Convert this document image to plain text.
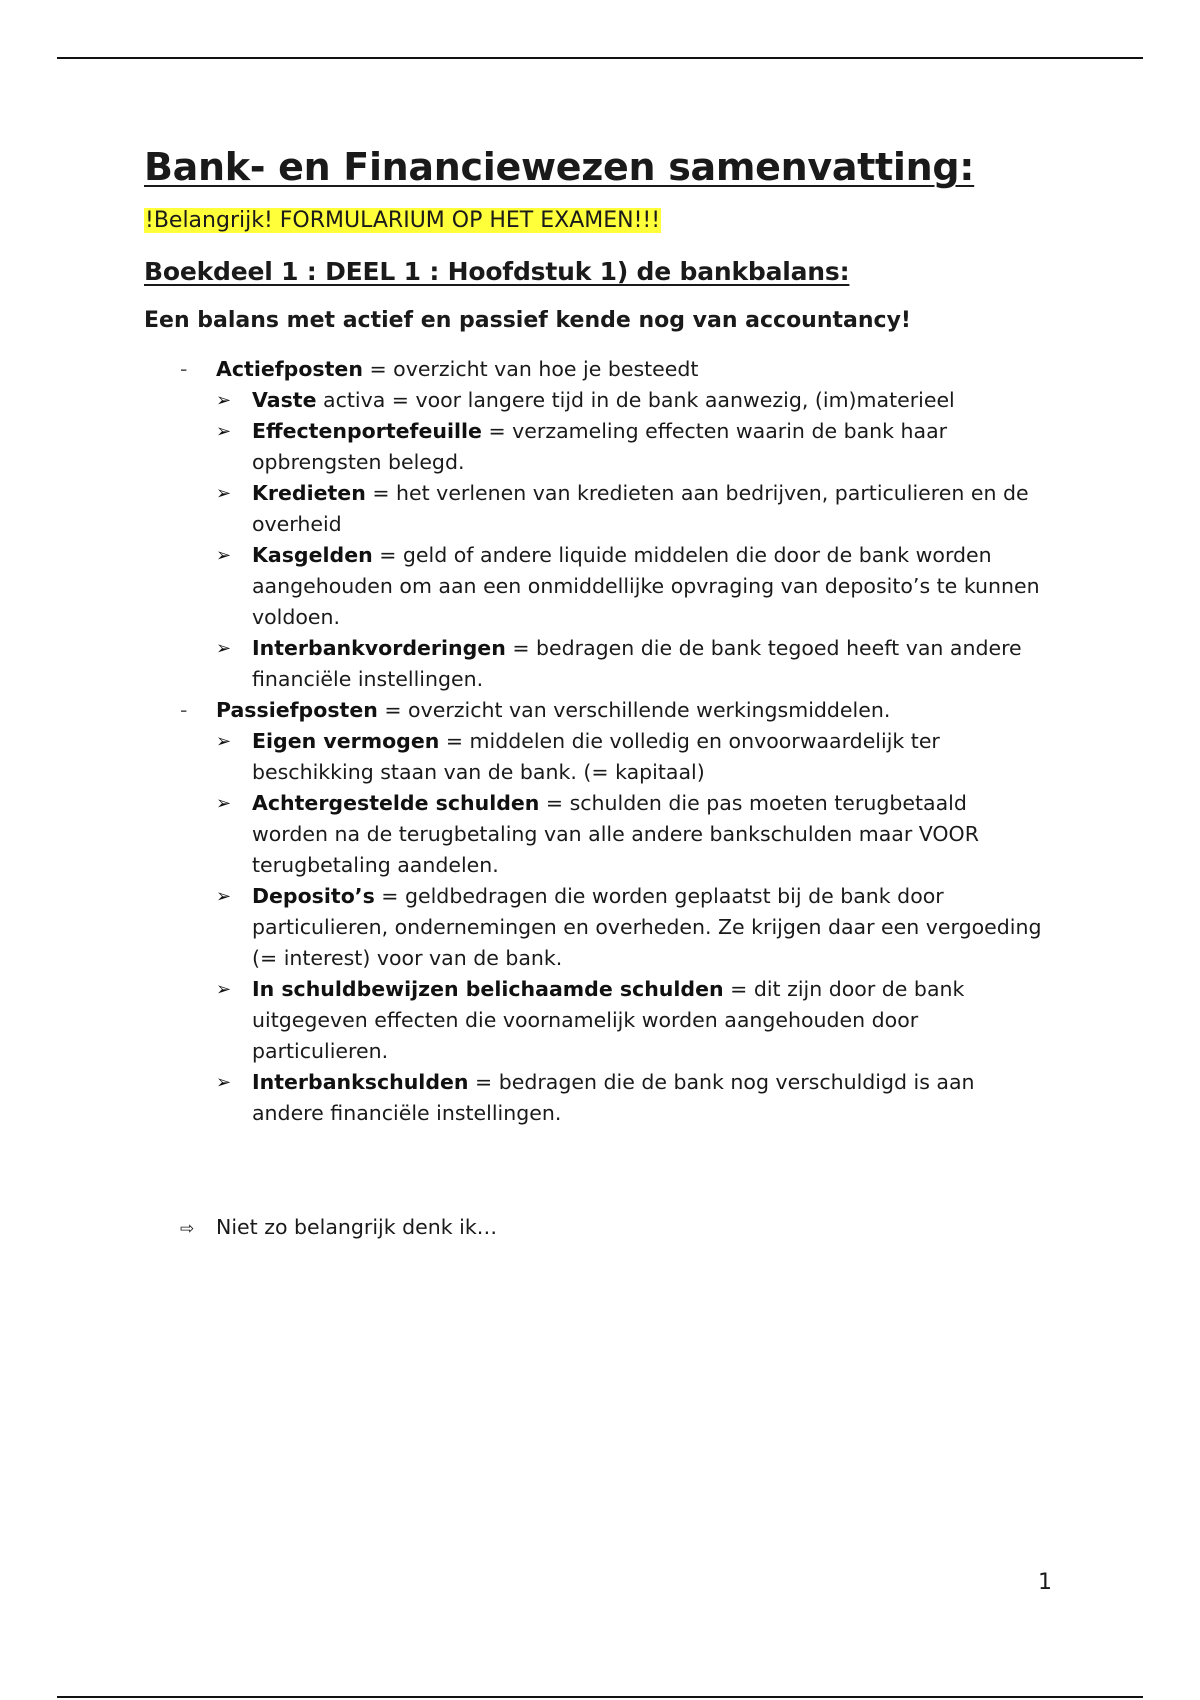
Bank- en Financiewezen samenvatting:
!Belangrijk! FORMULARIUM OP HET EXAMEN!!!
Boekdeel 1 : DEEL 1 : Hoofdstuk 1) de bankbalans:
Een balans met actief en passief kende nog van accountancy!
- Actiefposten = overzicht van hoe je besteedt
➢ Vaste activa = voor langere tijd in de bank aanwezig, (im)materieel
➢ Effectenportefeuille = verzameling effecten waarin de bank haar opbrengsten belegd.
➢ Kredieten = het verlenen van kredieten aan bedrijven, particulieren en de overheid
➢ Kasgelden = geld of andere liquide middelen die door de bank worden aangehouden om aan een onmiddellijke opvraging van deposito’s te kunnen voldoen.
➢ Interbankvorderingen = bedragen die de bank tegoed heeft van andere financiële instellingen.
- Passiefposten = overzicht van verschillende werkingsmiddelen.
➢ Eigen vermogen = middelen die volledig en onvoorwaardelijk ter beschikking staan van de bank. (= kapitaal)
➢ Achtergestelde schulden = schulden die pas moeten terugbetaald worden na de terugbetaling van alle andere bankschulden maar VOOR terugbetaling aandelen.
➢ Deposito’s = geldbedragen die worden geplaatst bij de bank door particulieren, ondernemingen en overheden. Ze krijgen daar een vergoeding (= interest) voor van de bank.
➢ In schuldbewijzen belichaamde schulden = dit zijn door de bank uitgegeven effecten die voornamelijk worden aangehouden door particulieren.
➢ Interbankschulden = bedragen die de bank nog verschuldigd is aan andere financiële instellingen.
⇨ Niet zo belangrijk denk ik…
1
